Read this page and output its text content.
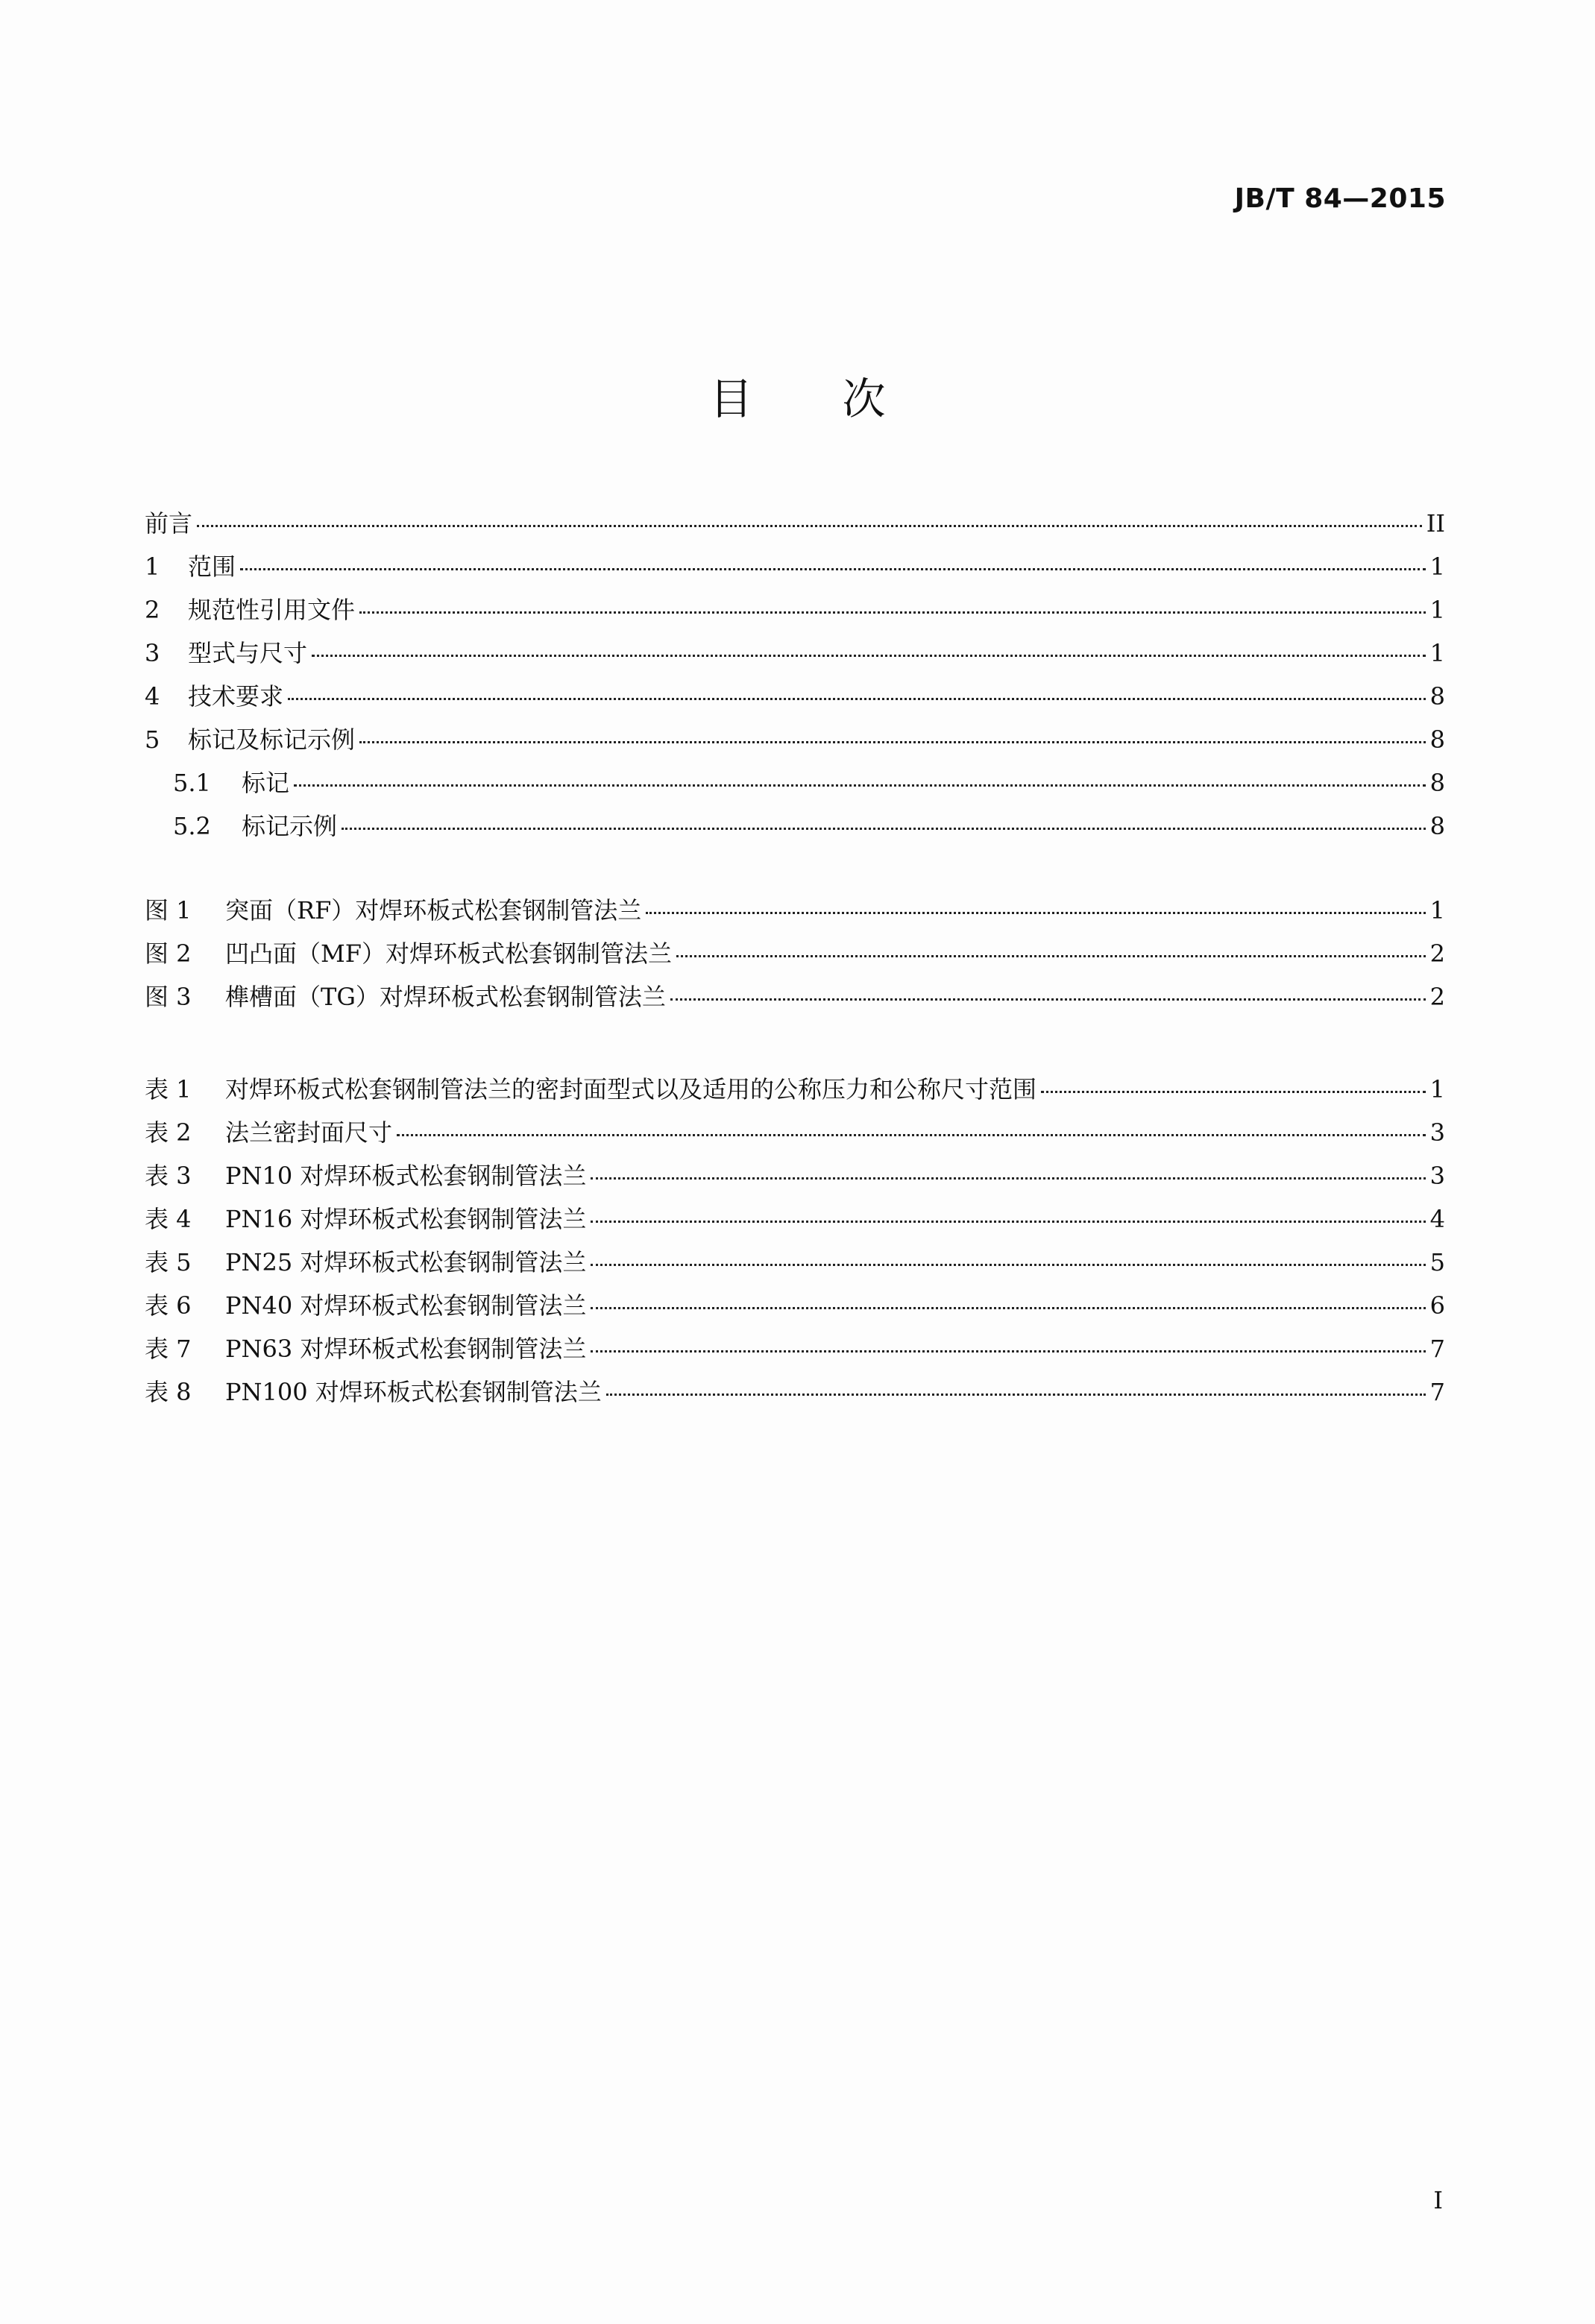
JB/T 84—2015
目次
前言	II
1	范围	1
2	规范性引用文件	1
3	型式与尺寸	1
4	技术要求	8
5	标记及标记示例	8
5.1	标记	8
5.2	标记示例	8
图 1	突面（RF）对焊环板式松套钢制管法兰	1
图 2	凹凸面（MF）对焊环板式松套钢制管法兰	2
图 3	榫槽面（TG）对焊环板式松套钢制管法兰	2
表 1	对焊环板式松套钢制管法兰的密封面型式以及适用的公称压力和公称尺寸范围	1
表 2	法兰密封面尺寸	3
表 3	PN10 对焊环板式松套钢制管法兰	3
表 4	PN16 对焊环板式松套钢制管法兰	4
表 5	PN25 对焊环板式松套钢制管法兰	5
表 6	PN40 对焊环板式松套钢制管法兰	6
表 7	PN63 对焊环板式松套钢制管法兰	7
表 8	PN100 对焊环板式松套钢制管法兰	7
I
